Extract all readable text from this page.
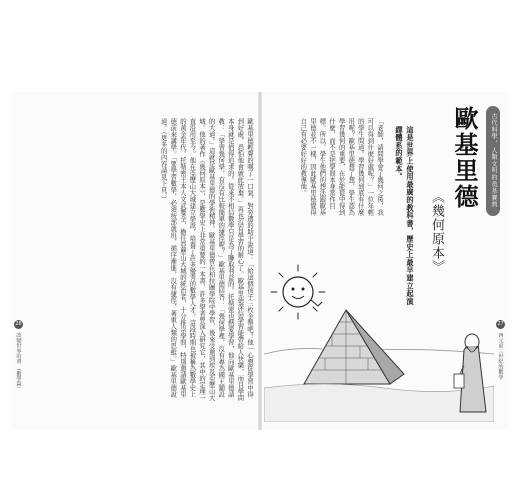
歐基里德輕聲的嘆了一口氣，對旁邊的助手說道：「給這個孩子三枚金幣吧！他一心想從學習中得到好處，恐怕他會就此放棄。」再也沒有學習的耐心了。歐基里德深信學習能帶給人快樂，而且學問本身就是值得追求的。從來不相信數學只是為了賺取利益的。托勒密也熱愛學習，他向歐基里德請教：「學習幾何學，有沒有比較簡單的捷徑呢？」歐基里德回答：「幾何學裡，沒有專為國王鋪設的大道。」這就是歐基里德的學術精神。歐基里德曾在柏拉圖學院中學習，後來受邀到埃及亞歷山大城。他的著作《幾何原本》，是數學史上非常重要的一本書，許多學者曾深入研究它，其中的定理一直沿用至今。他在亞歷山大城建立學派，培養了許多優秀的數學人才，這段時期也被稱為數學史上的黃金年代。托勒密王本人文武雙全，擔任亞歷山大城的統治者，十分推崇學問，特別邀請歐基里德前來講學。「要學習數學，必須按部就班，循序漸進，沒有捷徑，著重人類的思維。」歐基里德說道。（更多的內容請見下頁。）
26 改變世界的書 （數學篇）
古代科學，人類文明的奠基寶典
歐基里德
《幾何原本》
這是世界上使用最廣的教科書，歷史上最早建立起演繹體系的範本。
「老師，請問學會了幾何之後，我可以得到什麼好處呢？」一位年輕的學生問道。學習幾何到底有什麼用呢？歐基里德想了想，學生認為學習幾何的重要，在於能從中得到什麼，而不是把學問本身當作目標。所以，學生他們的想法跟歐基里德並不一樣，因此歐基里德覺得自己有必要好好的教導他。
27 西元前三世紀的數學
